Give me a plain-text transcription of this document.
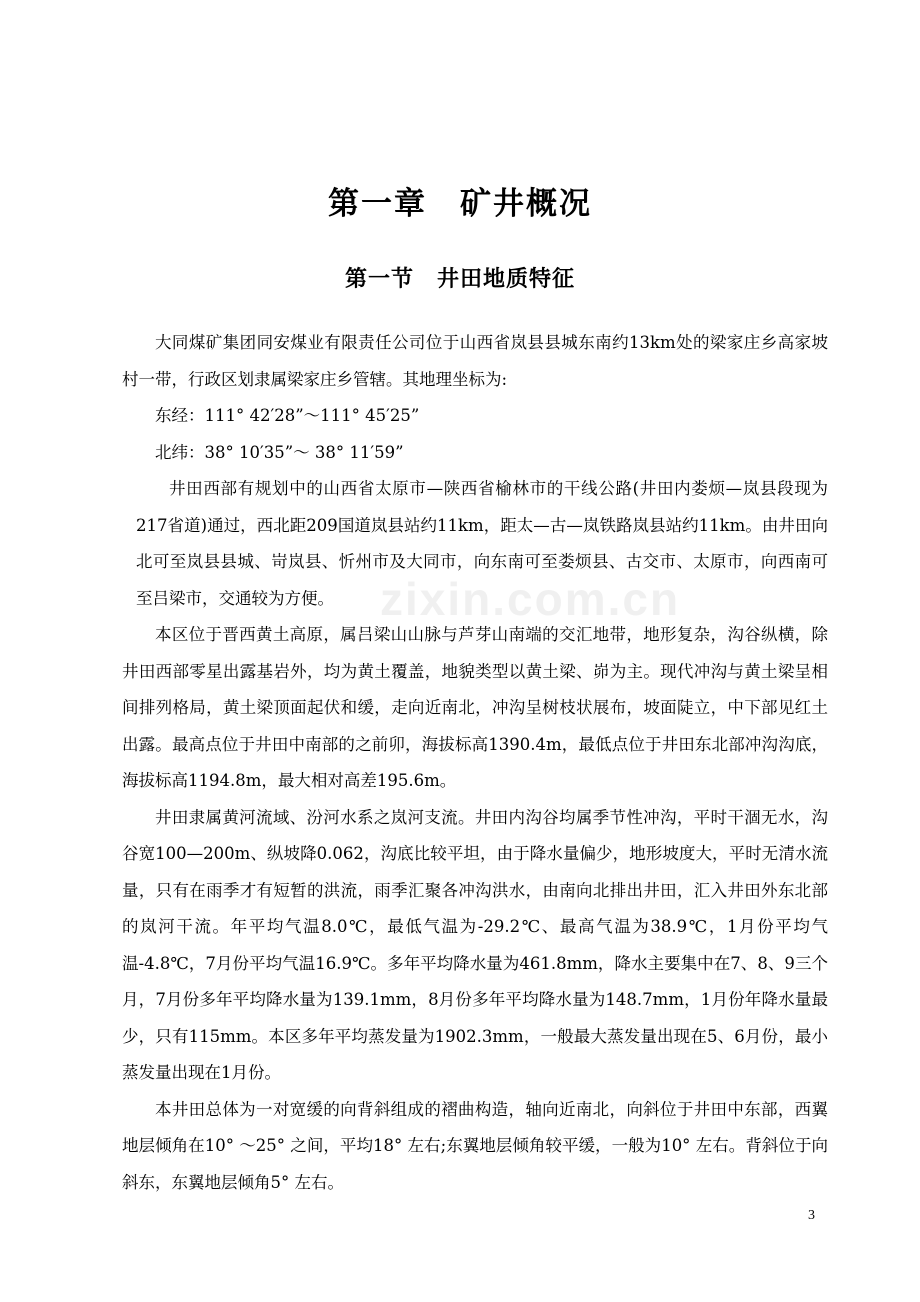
第一章　矿井概况
第一节　井田地质特征

大同煤矿集团同安煤业有限责任公司位于山西省岚县县城东南约13km处的梁家庄乡高家坡村一带，行政区划隶属梁家庄乡管辖。其地理坐标为:

东经：111° 42′28”～111° 45′25”

北纬：38° 10′35”～ 38° 11′59”

井田西部有规划中的山西省太原市—陕西省榆林市的干线公路(井田内娄烦—岚县段现为217省道)通过，西北距209国道岚县站约11km，距太—古—岚铁路岚县站约11km。由井田向北可至岚县县城、岢岚县、忻州市及大同市，向东南可至娄烦县、古交市、太原市，向西南可至吕梁市，交通较为方便。

本区位于晋西黄土高原，属吕梁山山脉与芦芽山南端的交汇地带，地形复杂，沟谷纵横，除井田西部零星出露基岩外，均为黄土覆盖，地貌类型以黄土梁、峁为主。现代冲沟与黄土梁呈相间排列格局，黄土梁顶面起伏和缓，走向近南北，冲沟呈树枝状展布，坡面陡立，中下部见红土出露。最高点位于井田中南部的之前卯，海拔标高1390.4m，最低点位于井田东北部冲沟沟底，海拔标高1194.8m，最大相对高差195.6m。

井田隶属黄河流域、汾河水系之岚河支流。井田内沟谷均属季节性冲沟，平时干涸无水，沟谷宽100—200m、纵坡降0.062，沟底比较平坦，由于降水量偏少，地形坡度大，平时无清水流量，只有在雨季才有短暂的洪流，雨季汇聚各冲沟洪水，由南向北排出井田，汇入井田外东北部的岚河干流。年平均气温8.0℃，最低气温为-29.2℃、最高气温为38.9℃，1月份平均气温-4.8℃，7月份平均气温16.9℃。多年平均降水量为461.8mm，降水主要集中在7、8、9三个月，7月份多年平均降水量为139.1mm，8月份多年平均降水量为148.7mm，1月份年降水量最少，只有115mm。本区多年平均蒸发量为1902.3mm，一般最大蒸发量出现在5、6月份，最小蒸发量出现在1月份。

本井田总体为一对宽缓的向背斜组成的褶曲构造，轴向近南北，向斜位于井田中东部，西翼地层倾角在10° ～25° 之间，平均18° 左右;东翼地层倾角较平缓，一般为10° 左右。背斜位于向斜东，东翼地层倾角5° 左右。

zixin.com.cn
3
